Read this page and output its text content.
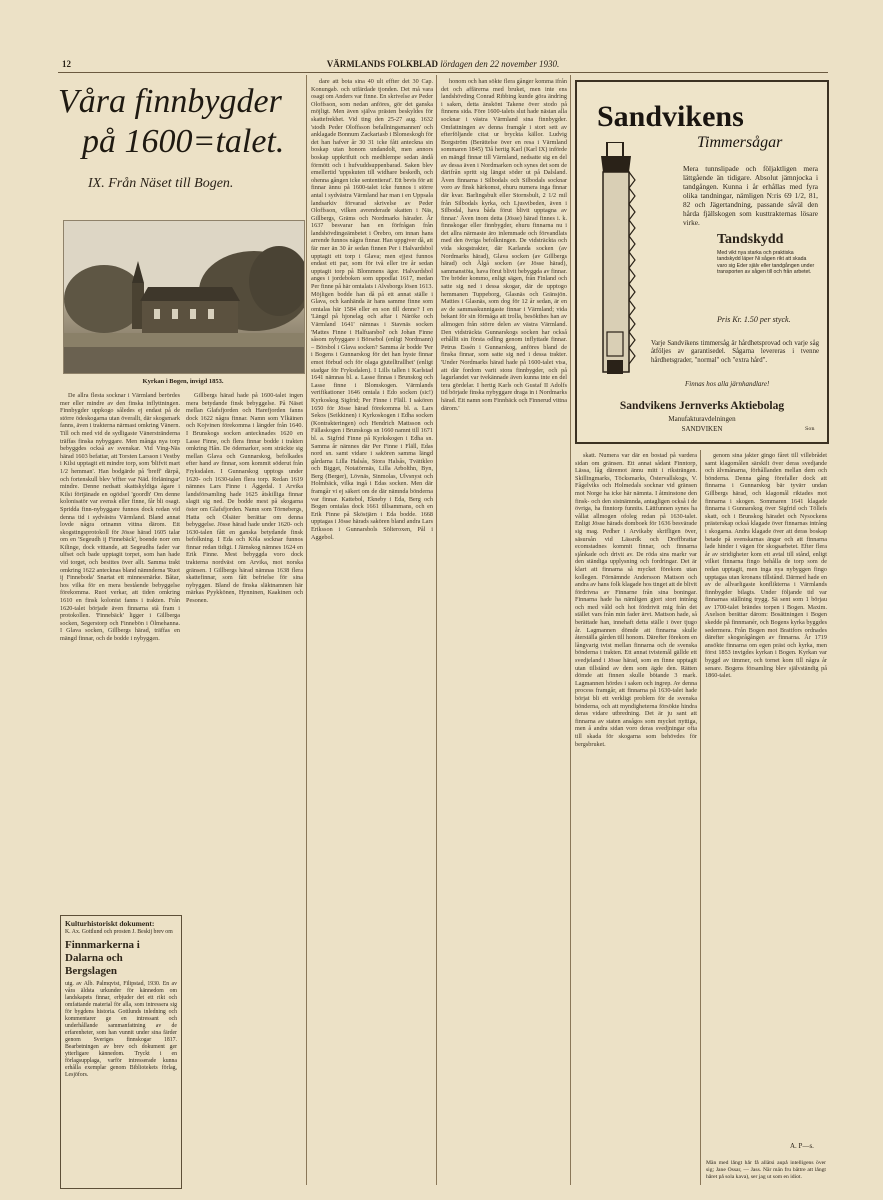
12	VÄRMLANDS FOLKBLAD lördagen den 22 november 1930.
Våra finnbygder
på 1600=talet.
IX. Från Näset till Bogen.
Kyrkan i Bogen, invigd 1853.

De allra flesta socknar i Värmland berördes mer eller mindre av den finska inflyttningen. Finnbygder uppkogo således ej endast på de större ödeskogarna utan överallt, där skogsmark fanns, även i trakterna närmast omkring Vänern. Till och med vid de sydligaste Vänerstränderna träffas finska nybyggare. Men många nya torp bebyggdes också av svenskar. Vid Ving-Näs härad 1603 befattar, att Torsten Larsson i Vestby i Kilsi upptagit ett mindre torp, som 'blifvit mart 1/2 hemman'. Han bodgärde på 'breff' därpå, och fortenskull blev 'effter var Näd. förläningar' mindre. Denne nedsatt skattskyldiga ågare i Kilsi förtjänade en ogödsel 'goordh' Om denne kolonisatör var svensk eller finne, får bli osagt. Spridda finn-nybyggare funnos dock redan vid denna tid i sydvästra Värmland. Bland annat lovde några ortnamn vittna därom. Ett skogstingsprotokoll för Jösse härad 1605 talar om en 'Segeudh ij Finnebäck', boende norr om Kilinge, dock vittande, att Segeudhs fader var ulfset och bade upptagit torpet, som han hade vid torget, och besittes över allt. Samma trakt omkring 1622 antecknas bland nämnderna 'Ruot ij Finneboda' Snartat ett minnesmärke. Båtar, hos vilka för en mera bestående bebyggelse förekomma. Ruot verkar, att tiden omkring 1610 en finsk kolonist fanns i trakten. Från 1620-talet började även finnarna stå fram i protokollen. 'Finnebäck' ligger i Gillberga socken, Segerstorp och Finnebön i Ölmehanna. I Glava socken, Gillbergs härad, träffas en mängd finnar, och de bodde i nybyggen.

Kulturhistoriskt dokument:
K. Ax. Gottlund och prosten J. Beskij brev om
Finnmarkerna i Dalarna och Bergslagen
utg. av Alb. Palmqvist, Filipstad, 1930. En av våra äldsta urkunder för kännedom om landskapets finnar, erbjuder det ett rikt och omfattande material för alla, som intressera sig för bygdens historia. Gottlunds inledning och kommentarer ge en intressant och underhållande sammanfattning av de erfarenheter, som han vunnit under sina färder genom Sveriges finnskogar 1817. Bearbetningen av brev och dokument ger ytterligare kännedom. Tryckt i en förlagsupplaga, varför intresserade kunna erhålla exemplar genom Bibliotekets förlag, Lesjöfors.

Gillbergs härad hade på 1600-talet ingen mera betydande finsk bebyggelse. På Näset mellan Glafsfjorden och Harefjorden fanns dock 1622 några finnar. Namn som Ylkäinen och Kojvinen förekomma i längder från 1640. I Brunskogs socken antecknades 1620 en Lasse Finne, och flera finnar bodde i trakten omkring Hån. De ödemarker, som sträckte sig mellan Glava och Gunnarskog, befolkades efter hand av finnar, som kommit söderut från Fryksdalen. I Gunnarskog upptogs under 1620- och 1630-talen flera torp. Redan 1619 nämnes Lars Finne i Äggedal. I Arvika landsförsamling hade 1625 åtskilliga finnar slagit sig ned. De bodde mest på skogarna öster om Glafsfjorden. Namn som Törnebergs, Hatta och Olsäter berättar om denna bebyggelse. Jösse härad hade under 1620- och 1630-talen fått en ganska betydande finsk befolkning. I Eda och Köla socknar funnos finnar redan tidigt. I Järnskog nämnes 1624 en Erik Finne. Mest bebyggda voro dock trakterna nordväst om Arvika, mot norska gränsen. I Gillbergs härad nämnas 1638 flera skattefinnar, som fått befrielse för sina nybyggen. Bland de finska släktnamnen här märkas Pyykkönen, Hynninen, Kaakinen och Pesonen.

dare att bota sina 40 ult effter det 30 Cap. Konungab. och utfärdade tjonden. Det må vara osagt om Anders var finne. En skrivelse av Peder Oloffsson, som nedan anföres, gör det ganska möjligt. Men även själva prästen beskyldes för skattefrekhet. Vid ting den 25-27 aug. 1632 'stodh Peder Oloffsson befallningsmannen' och anklagade Bonnum Zackariasb i Blomeskogh för det han hafver år 30 31 icke fått anteckna sin boskap utan honom undandolt, men annors boskap uppkrifuit och medhlempe sedan ändå förmött och i hufvuddsuppenbarad. Saken blev emellertid 'uppskuten till widhare beskedh, och ohenna gången icke sententierat'. Ett bevis för att finnar ännu på 1600-talet icke funnos i större antal i sydvästra Värmland har man i en Uppsala landsarkiv förvarad skrivelse av Peder Oloffsson, vilken avrenderade skatten i Näs, Gillbergs, Gräms och Nordmarks härader. År 1637 besvarar han en förfrågan från landshövdingeämbetet i Örebro, om innan hans arrende funnos några finnar. Han uppgiver då, att fär mer än 30 år sedan finnen Per i Halvardsbol upptagit ett torp i Glava; men ejjest funnos endast ett par, som för två eller tre år sedan upptagit torp på Blommens ägor. Halvardsbol anges i jordeboken som uppodlat 1617, medan Per finne på här omtalats i Alvsborgs lösen 1613. Möjligen bodde han då på ett annat ställe i Glava, och kanhända är hans samme finne som omtalas här 1584 eller en son till denne? I en 'Längd på hjonelag och aftar i Näröke och Värmland 1641' nämnas i Stavnäs socken 'Mattes Finne i Halfuarsbol' och Johan Finne såsom nybyggare i Börsebol (enligt Nordmann) – Börsbol i Glava socken? Samma år bodde 'Per i Bogens i Gunnarskog för det han hyste finnar emot förbud och för olaga gjutelltrallhet' (enligt stadgar för Fryksdalen). I Lills tallen i Karlstad 1641 nämnas bl. a. Lasse finnas i Brunskog och Lasse finne i Blomskogen. Värmlands verifikationer 1646 omtala i Edo socken (sic!) Kyrkoskog Sigfrid; Per Finne i Fläll. I sakören 1650 för Jösse härad förekomma bl. a. Lars Sekos (Seikkinen) i Kyrkoskogen i Edha socken (Kontrakteringen) och Hendrich Mattsson och Fällaskogen i Brunskogs sn 1660 namnt till 1671 bl. a. Sigfrid Finne på Kyrkskogen i Edha sn. Samma år nämnes där Per Finne i Fläll, Edas nord sn. samt vidare i sakören samma längd gårdarna Lilla Halsås, Stora Halsås, Tvättkleo och Bigget, Notatörmäs, Lilla Arbolthn, Byn, Berg (Berger), Lövnäs, Sinmolas, Ulvsnyst och Holmbäck, vilka ingå i Edas socken. Men där framgår vi ej säkert om de där nämnda bönderna var finnar. Kattebol, Ekneby i Eda, Berg och Bogen omtalas dock 1661 tillsammans, och en Erik Finne på Sköstjärn i Eda bodde. 1668 upptagas i Jösse härads sakören bland andra Lars Eriksson i Gunnarsbols Sölteroxen, Pål i Aggebol.

honom och han sökte flera gånger komma ifrån det och affärerna med bruket, men inte ens landshövding Conrad Ribbing kunde göra ändring i saken, detta änskönt Takene över stodo på finnens sida. Före 1600-talets slut hade nästan alla socknar i västra Värmland sina finnbygder. Omfattningen av denna framgår i stort sett av efterföljande citat ur bryckta källor. Ludvig Borgström (Berättelse över en resa i Värmland sommaren 1845) 'Då hertig Karl (Karl IX) införde en mängd finnar till Värmland, nedsatte sig en del av dessa även i Nordmarken och synes det som de därifrån spritt sig längst söder ut på Dalsland. Även finnarna i Silbodals och Silbodals socknar voro av finsk härkomst, ehuru numera inga finnar där kvar. Barlingsbult eller Stornsbult, 2 1/2 mil från Silbodals kyrka, och Ljusvibeden, även i Silbodal, hava båda förut blivit upptagna av finnar.' Även inom detta (Jösse) härad finnes i. k. finnskogar eller finnbygder, ehuru finnarna nu i det allra närmaste äro inlemmade och förvandlats med den övriga befolkningen. De vidsträckta och vida skogstrakter, där Karlanda socken (av Nordmarks härad), Glava socken (av Gillbergs härad) och Ålgå socken (av Jösse härad), sammanstöta, hava förut blivit bebyggda av finnar. Tre bröder kommo, enligt sägen, från Finland och satte sig ned i dessa skogar, där de upptogo hemmanen Tuppeborg, Glasnäs och Gränsjön. Matties i Glasnäs, som dog för 12 år sedan, är en av de sammaskunnigaste finnar i Värmland; vida bekant för sin förmåga att trolla, besökthes han av allmogen från större delen av västra Värmland. Den vidsträckta Gunnarskogs socken har också erhållit sin första odling genom inflyttade finnar. Petrus Essén i Gunnarskog, anföres bland de finska finnar, som satte sig ned i dessa trakter. 'Under Nordmarks härad hade på 1600-talet visa, att där fordom varit stora finnbygder, och på lagurlandet var tvekännade även kunna inte en del tera gördelar. I hertig Karls och Gustaf II Adolfs tid började finska nybyggare draga in i Nordmarks härad. Ett namn som Finnbäck och Finnerud vittna därom.'

skatt. Numera var där en bostad på vardera sidan om gränsen. Ett annat sådant Finntorp, Lässa, låg däremot ännu mitt i riksträngen. Skillingmarks, Töcksmarks, Östervallskogs, V. Fågelviks och Holmedals socknar vid gränsen mot Norge ha icke här nämnta. I åtminstone den finsk- och den sistnämnda, antagligen också i de övriga, ha finntorp funnits. Lättfunnen synes ha vållat allmogen ofoleg redan på 1630-talet. Enligt Jösse härads domboek för 1636 besvärade sig mag. Pedher i Arvikaby skrifligen över, säsursån vid Lässrdk och Dreffbrattar ecomstadnes kommit finnar, och finnarna sjånkade och drivit av. De röda sins markr var den ständiga upplysning och fordringar. Det är klart att finnarna så mycket förekom utan kollegen. Förnämnde Andersson Mattson och andra av hans folk klagade hos tinget att de blivit fördrivna av Finnarne från sina boningar. Finnarna hade ha nämligen gjort stort intrång och med våld och hot fördrivit mig från det stället vars från min fader ärvt. Mattson hade, så berättade han, innehaft detta ställe i över tjugo år. Lagmannen dömde att finnarna skulle återställa gården till honom. Därefter förekom en långvarig tvist mellan finnarna och de svenska bönderna i trakten. Ett annat tvistemål gällde ett svedjeland i Jösse härad, som en finne upptagit utan tillstånd av dem som ägde den. Rätten dömde att finnen skulle bötande 3 mark. Lagmannen hördes i saken och ingrep. Av denna process framgår, att finnarna på 1630-talet hade börjat bli ett verkligt problem för de svenska bönderna, och att myndigheterna försökte hindra deras vidare utbredning. Det är ju sant att finnarna av staten ansågos som mycket nyttiga, men å andra sidan voro deras svedjningar ofta till skada för skogarna som behövdes för bergsbruket.

genom sina jakter gingo fåret till villebrådet samt klagomålen särskilt över deras svedjande och älvmånarna, förhållanden mellan dem och bönderna. Denna gång förefaller dock att finnarna i Gunnarskog bär tyvärr undan Gillbergs härad, och klagomål riktades mot finnarna i skogen. Sommaren 1641 klagade finnarna i Gunnarskog över Sigfrid och Töllefs skatt, och i Brunskog häradet och Nysockens prästerskap också klagade över finnarnas intrång i skogarna. Andra klagade över att deras boskap betade på svenskarnas ängar och att finnarna lade hinder i vägen för skogsarbetet. Efter flera år av stridigheter kom ett avtal till stånd, enligt vilket finnarna fingo behålla de torp som de redan upptagit, men inga nya nybyggen fingo upptagas utan kronans tillstånd. Därmed hade en av de allvarligaste konflikterna i Värmlands finnbygder bilagts. Under följande tid var finnarnas ställning trygg. Sä sent som 1 börjau av 1700-talet brändes torpen i Bogen. Maxim. Axelson berättar därom: Bosättningen i Bogen skedde på finnmanér, och Bogens kyrka byggdes sedermera. Från Bogen mot Brattfors ordnades därefter skogsrågången av finnarna. År 1719 ansökte finnarna om egen präst och kyrka, men först 1853 invigdes kyrkan i Bogen. Kyrkan var byggd av timmer, och tornet kom till några år senare. Bogens församling blev självständig på 1860-talet.

A. P—s.
Män med långt hår få allätsi aupå intelligens över sig; Jane Ossar, — Jass. När män fru bättre att långt håret på sola kava), ser jag ut som en idiot.
Sandvikens
Timmersågar
Mera tunnslipade och följaktligen mera lättgående än tidigare. Absolut jämnjocka i tandgången. Kunna i år erhållas med fyra olika tandningar, nämligen N:ris 69 1/2, 81, 82 och Jägertandning, passande såväl den hårda fjällskogen som kusttrakternas lösare virke.
Tandskydd
Med vikt nya starka och praktiska tandskydd läper Ni sågen rikt att skada varo sig Eder själv eller tandgången under transporten av sågen till och från arbetet.
Pris Kr. 1.50 per styck.
Varje Sandvikens timmersåg är hårdhetsprovad och varje såg åtföljes av garantisedel. Sågarna levereras i tvenne hårdhetsgrader, "normal" och "extra hård".
Finnas hos alla järnhandlare!
Sandvikens Jernverks Aktiebolag
Manufakturavdelningen
SANDVIKEN	Son
